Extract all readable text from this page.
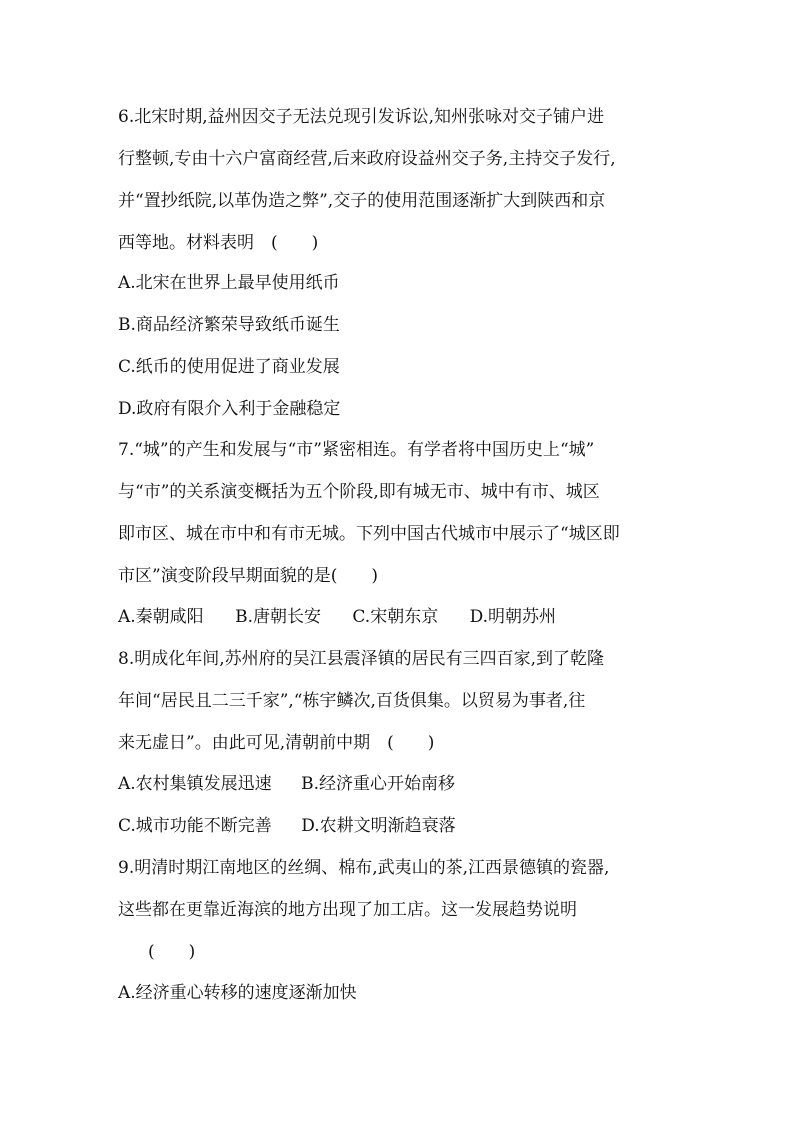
6.北宋时期,益州因交子无法兑现引发诉讼,知州张咏对交子铺户进
行整顿,专由十六户富商经营,后来政府设益州交子务,主持交子发行,
并“置抄纸院,以革伪造之弊”,交子的使用范围逐渐扩大到陕西和京
西等地。材料表明　(　　)
A.北宋在世界上最早使用纸币
B.商品经济繁荣导致纸币诞生
C.纸币的使用促进了商业发展
D.政府有限介入利于金融稳定
7.“城”的产生和发展与“市”紧密相连。有学者将中国历史上“城”
与“市”的关系演变概括为五个阶段,即有城无市、城中有市、城区
即市区、城在市中和有市无城。下列中国古代城市中展示了“城区即
市区”演变阶段早期面貌的是(　　)
A.秦朝咸阳 B.唐朝长安 C.宋朝东京 D.明朝苏州
8.明成化年间,苏州府的吴江县震泽镇的居民有三四百家,到了乾隆
年间“居民且二三千家”,“栋宇鳞次,百货俱集。以贸易为事者,往
来无虚日”。由此可见,清朝前中期　(　　)
A.农村集镇发展迅速 B.经济重心开始南移
C.城市功能不断完善 D.农耕文明渐趋衰落
9.明清时期江南地区的丝绸、棉布,武夷山的茶,江西景德镇的瓷器,
这些都在更靠近海滨的地方出现了加工店。这一发展趋势说明
(　　)
A.经济重心转移的速度逐渐加快
